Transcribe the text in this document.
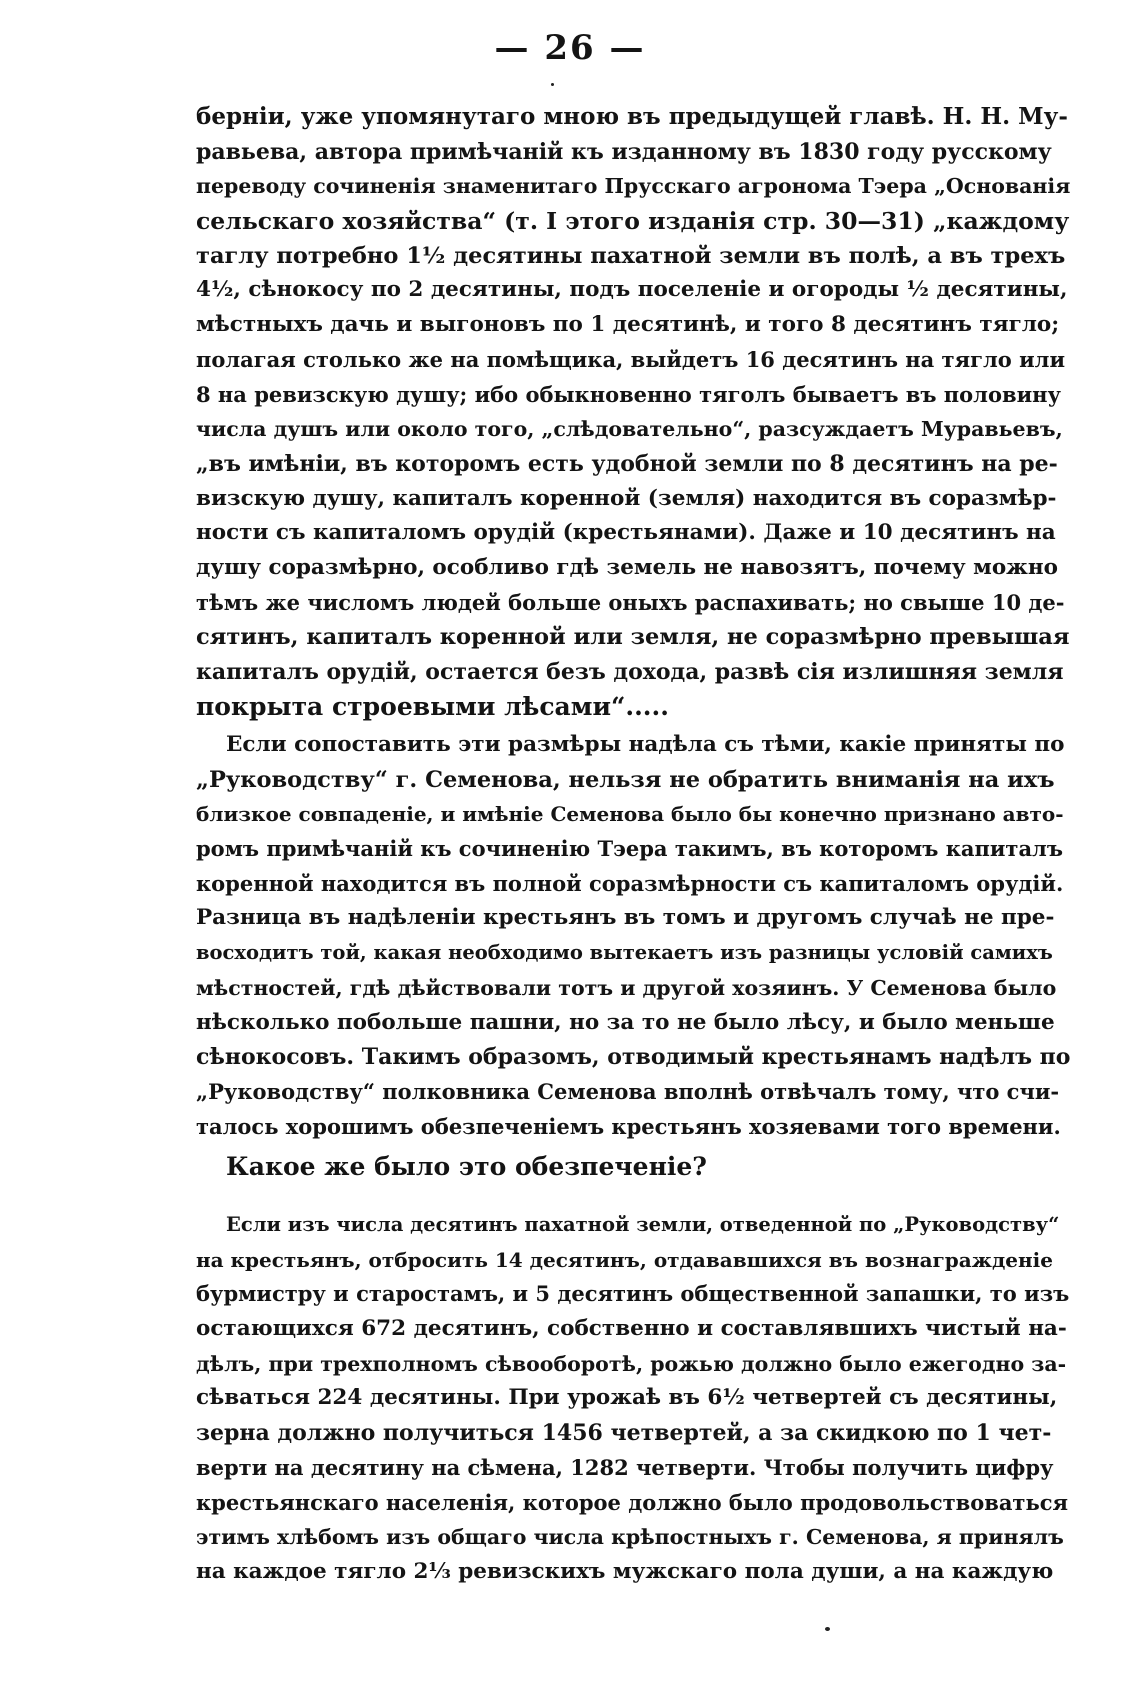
— 26 —

берніи, уже упомянутаго мною въ предыдущей главѣ. Н. Н. Му-
равьева, автора примѣчаній къ изданному въ 1830 году русскому
переводу сочиненія знаменитаго Прусскаго агронома Тэера „Основанія
сельскаго хозяйства“ (т. I этого изданія стр. 30—31) „каждому
таглу потребно 1½ десятины пахатной земли въ полѣ, а въ трехъ
4½, сѣнокосу по 2 десятины, подъ поселеніе и огороды ½ десятины,
мѣстныхъ дачь и выгоновъ по 1 десятинѣ, и того 8 десятинъ тягло;
полагая столько же на помѣщика, выйдетъ 16 десятинъ на тягло или
8 на ревизскую душу; ибо обыкновенно тяголъ бываетъ въ половину
числа душъ или около того, „слѣдовательно“, разсуждаетъ Муравьевъ,
„въ имѣніи, въ которомъ есть удобной земли по 8 десятинъ на ре-
визскую душу, капиталъ коренной (земля) находится въ соразмѣр-
ности съ капиталомъ орудій (крестьянами). Даже и 10 десятинъ на
душу соразмѣрно, особливо гдѣ земель не навозятъ, почему можно
тѣмъ же числомъ людей больше оныхъ распахивать; но свыше 10 де-
сятинъ, капиталъ коренной или земля, не соразмѣрно превышая
капиталъ орудій, остается безъ дохода, развѣ сія излишняя земля
покрыта строевыми лѣсами“.....
Если сопоставить эти размѣры надѣла съ тѣми, какіе приняты по
„Руководству“ г. Семенова, нельзя не обратить вниманія на ихъ
близкое совпаденіе, и имѣніе Семенова было бы конечно признано авто-
ромъ примѣчаній къ сочиненію Тэера такимъ, въ которомъ капиталъ
коренной находится въ полной соразмѣрности съ капиталомъ орудій.
Разница въ надѣленіи крестьянъ въ томъ и другомъ случаѣ не пре-
восходитъ той, какая необходимо вытекаетъ изъ разницы условій самихъ
мѣстностей, гдѣ дѣйствовали тотъ и другой хозяинъ. У Семенова было
нѣсколько побольше пашни, но за то не было лѣсу, и было меньше
сѣнокосовъ. Такимъ образомъ, отводимый крестьянамъ надѣлъ по
„Руководству“ полковника Семенова вполнѣ отвѣчалъ тому, что счи-
талось хорошимъ обезпеченіемъ крестьянъ хозяевами того времени.
Какое же было это обезпеченіе?
Если изъ числа десятинъ пахатной земли, отведенной по „Руководству“
на крестьянъ, отбросить 14 десятинъ, отдававшихся въ вознагражденіе
бурмистру и старостамъ, и 5 десятинъ общественной запашки, то изъ
остающихся 672 десятинъ, собственно и составлявшихъ чистый на-
дѣлъ, при трехполномъ сѣвооборотѣ, рожью должно было ежегодно за-
сѣваться 224 десятины. При урожаѣ въ 6½ четвертей съ десятины,
зерна должно получиться 1456 четвертей, а за скидкою по 1 чет-
верти на десятину на сѣмена, 1282 четверти. Чтобы получить цифру
крестьянскаго населенія, которое должно было продовольствоваться
этимъ хлѣбомъ изъ общаго числа крѣпостныхъ г. Семенова, я принялъ
на каждое тягло 2⅓ ревизскихъ мужскаго пола души, а на каждую
